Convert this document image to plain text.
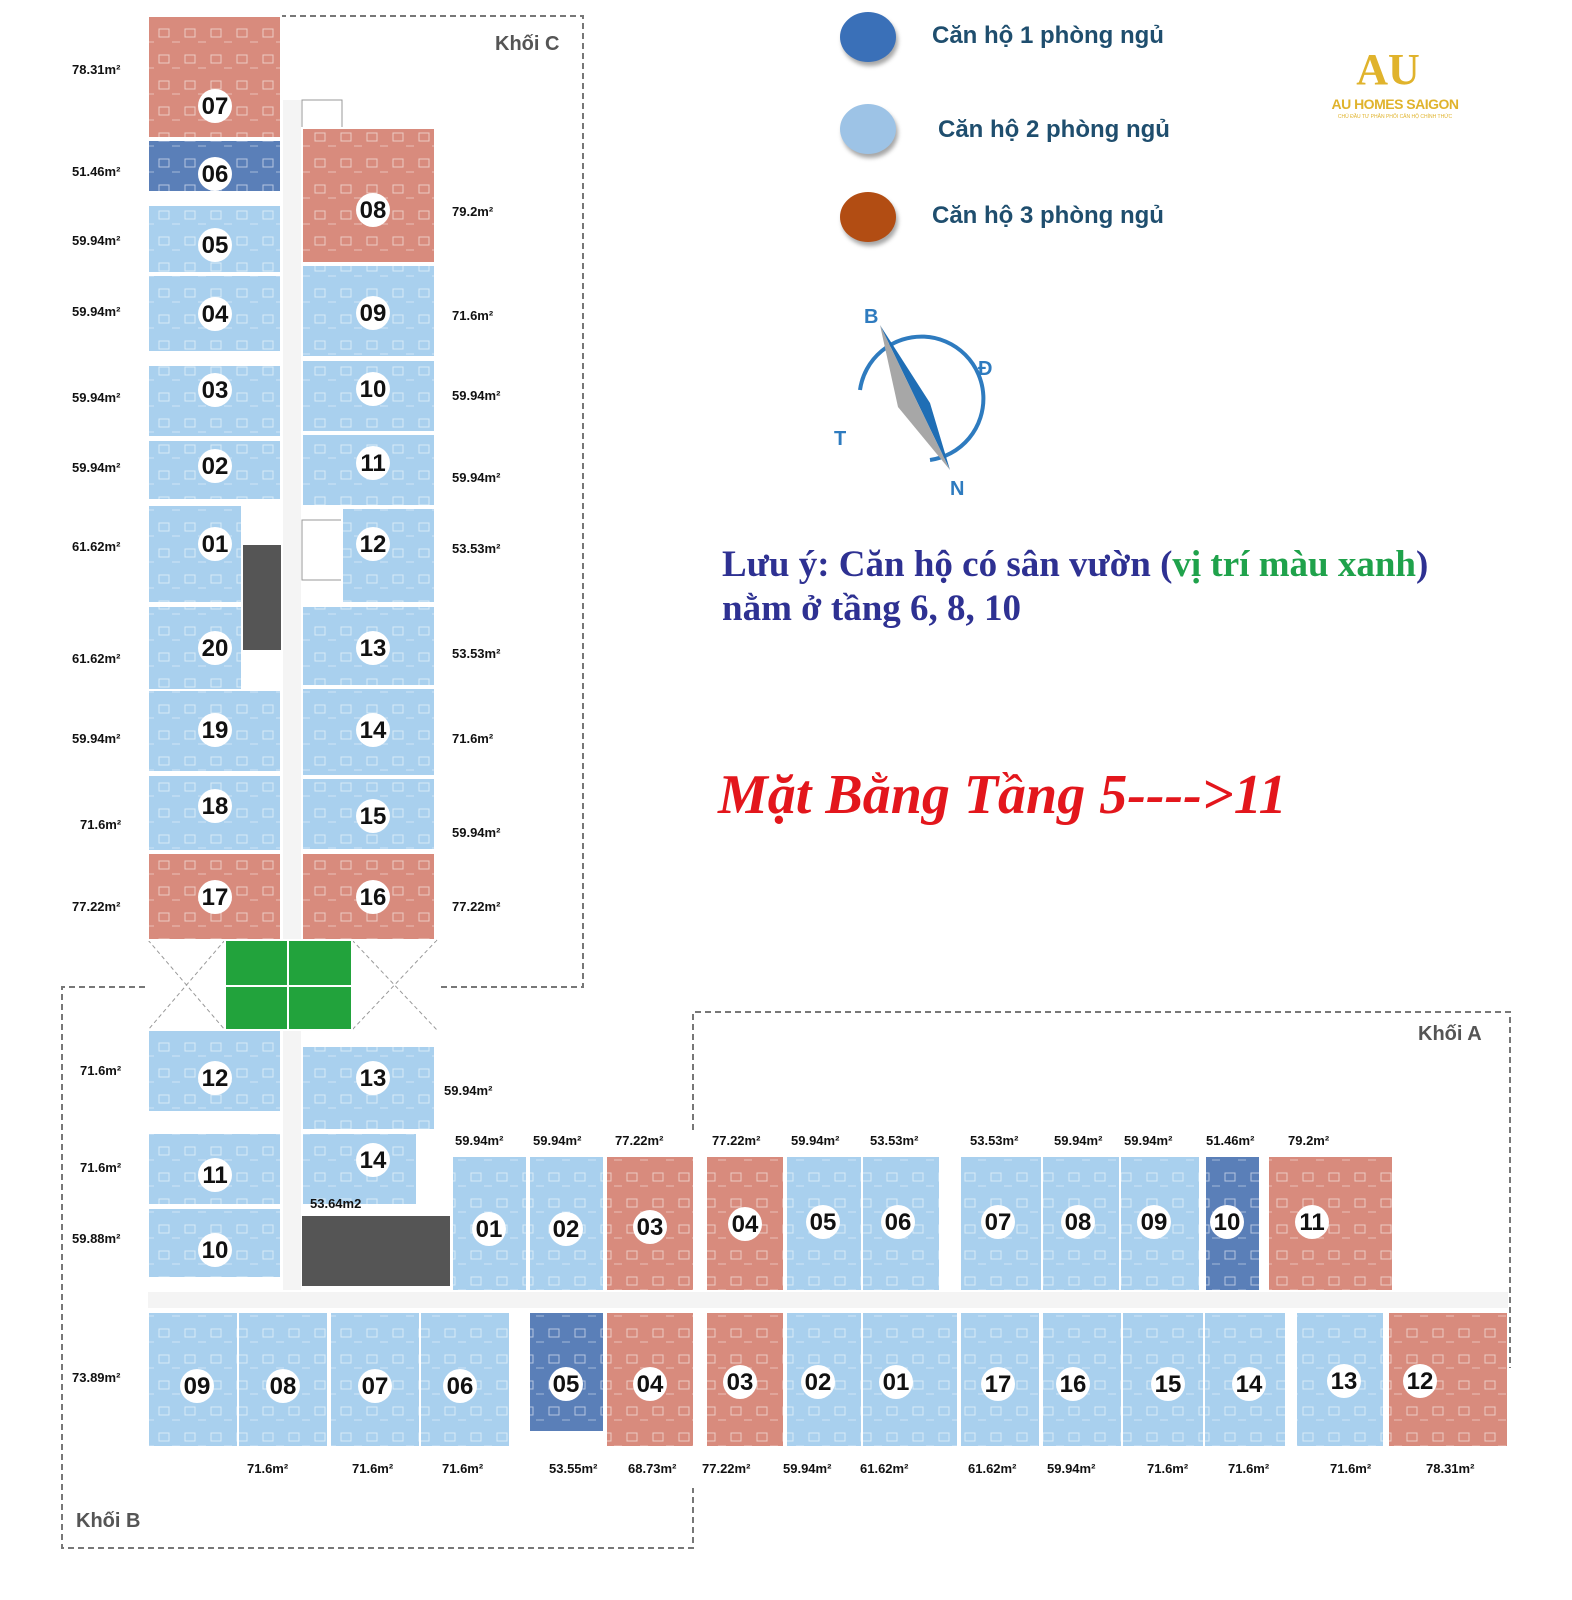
07
78.31m²
06
51.46m²
05
59.94m²
04
59.94m²
03
59.94m²
02
59.94m²
01
61.62m²
20
61.62m²
19
59.94m²
18
71.6m²
17
77.22m²
08	79.2m²
09	71.6m²
10	59.94m²
11
59.94m²
12	53.53m²
13	53.53m²
14	71.6m²
15
59.94m²
16	77.22m²
12
71.6m²
11
71.6m²
10
59.88m²
13	59.94m²
14
53.64m2
01
59.94m²
02
59.94m²
03
77.22m²
09
73.89m²	08
71.6m²
07
71.6m²
06
71.6m²
05
53.55m²
04
68.73m²
04
77.22m²
05
59.94m²
06
53.53m²
07
53.53m²
08
59.94m²
09
59.94m²
10
51.46m²
11
79.2m²
03
77.22m²
02
59.94m²
01
61.62m²
17
61.62m²
16
59.94m²
15
71.6m²
14
71.6m²
13
71.6m²
12
78.31m²
Khối C
Khối A
Khối B
Căn hộ 1 phòng ngủ
Căn hộ 2 phòng ngủ
Căn hộ 3 phòng ngủ
AU
AU HOMES SAIGON
CHỦ ĐẦU TƯ PHÂN PHỐI CĂN HỘ CHÍNH THỨC
B
Đ
N
T
Lưu ý: Căn hộ có sân vườn (vị trí màu xanh)
nằm ở tầng 6, 8, 10
Mặt Bằng Tầng 5---->11
